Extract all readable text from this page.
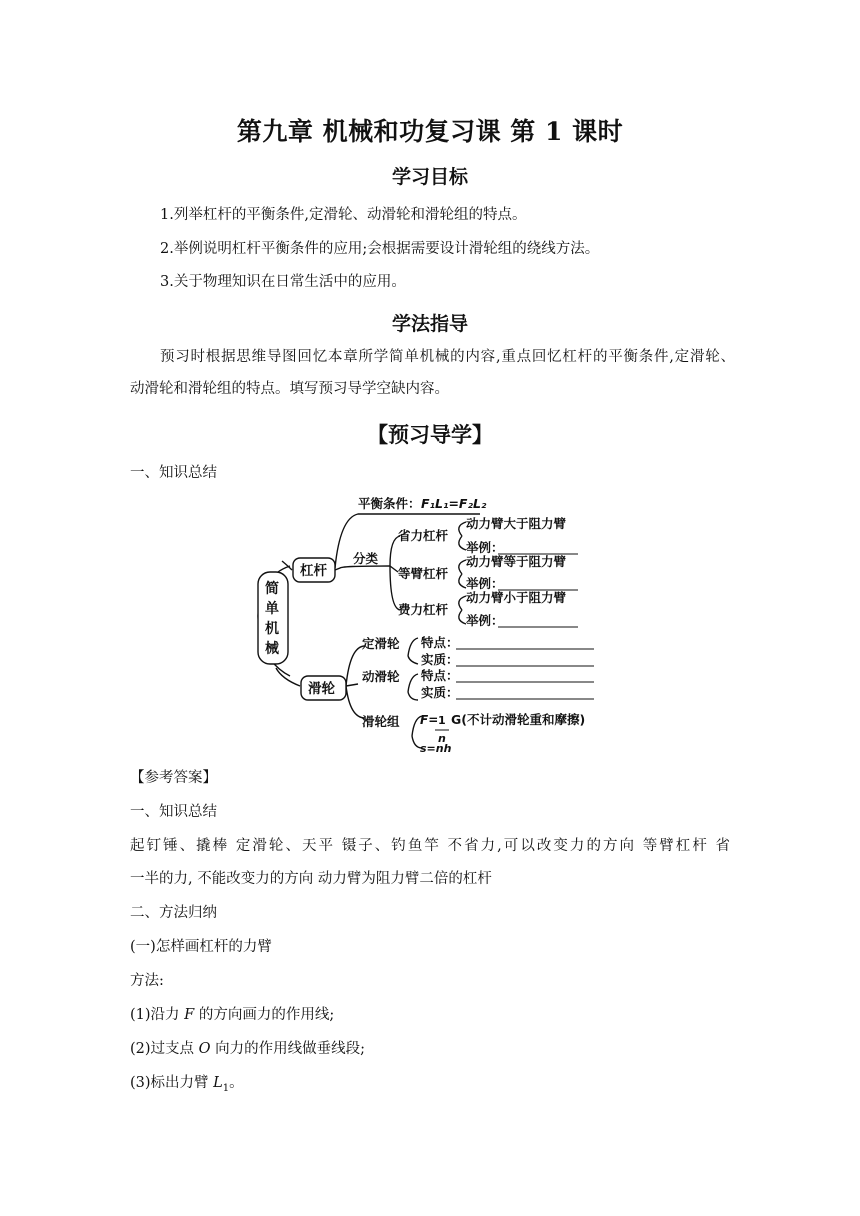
第九章 机械和功复习课 第 1 课时
学习目标
1.列举杠杆的平衡条件,定滑轮、动滑轮和滑轮组的特点。
2.举例说明杠杆平衡条件的应用;会根据需要设计滑轮组的绕线方法。
3.关于物理知识在日常生活中的应用。
学法指导
预习时根据思维导图回忆本章所学简单机械的内容,重点回忆杠杆的平衡条件,定滑轮、
动滑轮和滑轮组的特点。填写预习导学空缺内容。
【预习导学】
一、知识总结
简
单
机
械
杠杆
滑轮
平衡条件： F₁L₁=F₂L₂
分类
省力杠杆
动力臂大于阻力臂
举例：
等臂杠杆
动力臂等于阻力臂
举例：
费力杠杆
动力臂小于阻力臂
举例：
定滑轮 特点：
实质：
动滑轮 特点：
实质：
滑轮组 F= 1
n
G(不计动滑轮重和摩擦)
s=nh
【参考答案】
一、知识总结
起钉锤、撬棒 定滑轮、天平 镊子、钓鱼竿 不省力,可以改变力的方向 等臂杠杆 省
一半的力, 不能改变力的方向 动力臂为阻力臂二倍的杠杆
二、方法归纳
(一)怎样画杠杆的力臂
方法:
(1)沿力 F 的方向画力的作用线;
(2)过支点 O 向力的作用线做垂线段;
(3)标出力臂 $L_1$。
